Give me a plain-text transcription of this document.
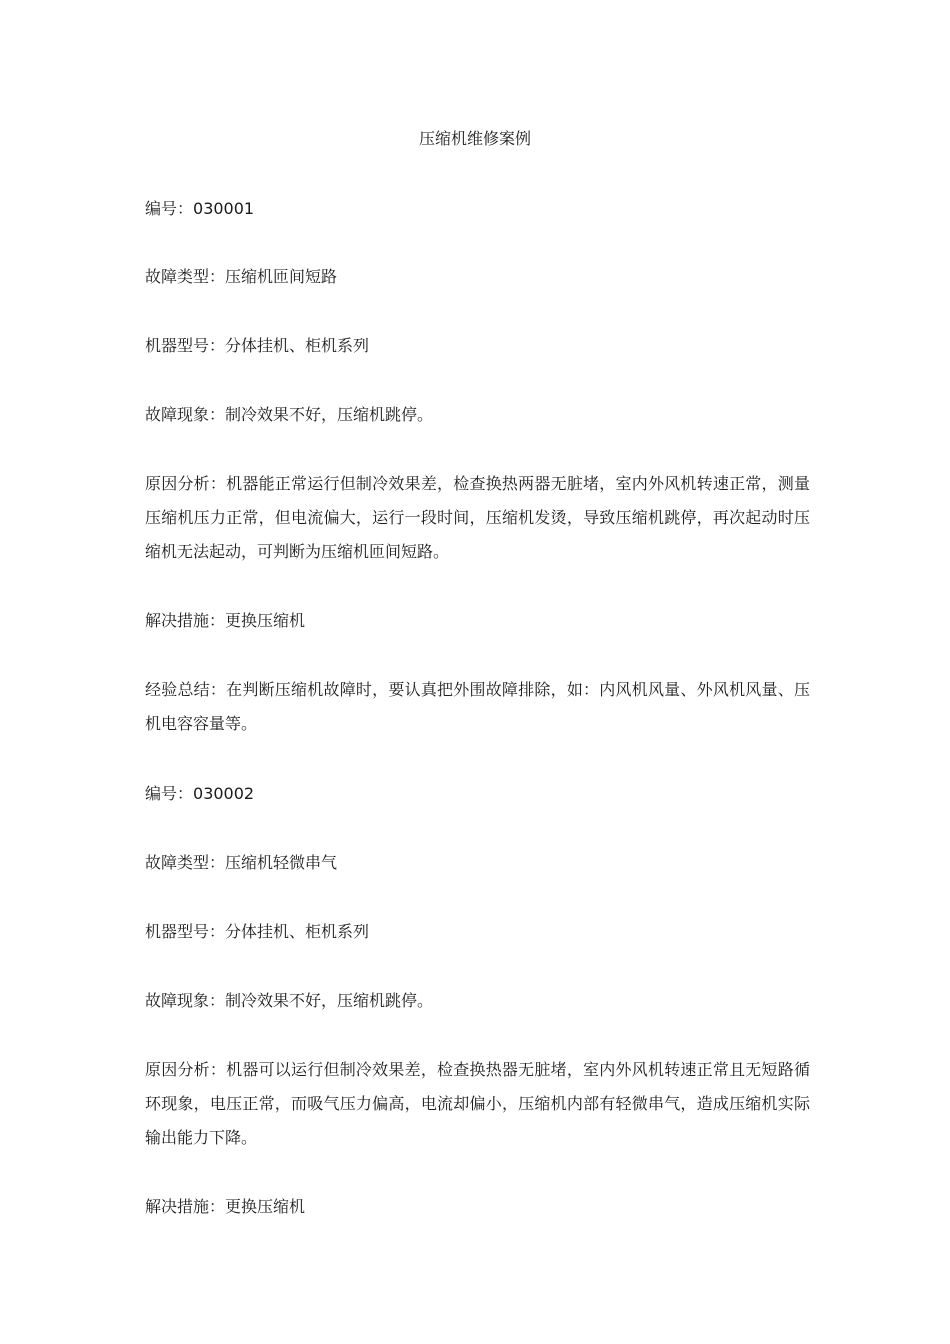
压缩机维修案例
编号：030001
故障类型：压缩机匝间短路
机器型号：分体挂机、柜机系列
故障现象：制冷效果不好，压缩机跳停。
原因分析：机器能正常运行但制冷效果差，检查换热两器无脏堵，室内外风机转速正常，测量压缩机压力正常，但电流偏大，运行一段时间，压缩机发烫，导致压缩机跳停，再次起动时压缩机无法起动，可判断为压缩机匝间短路。
解决措施：更换压缩机
经验总结：在判断压缩机故障时，要认真把外围故障排除，如：内风机风量、外风机风量、压机电容容量等。
编号：030002
故障类型：压缩机轻微串气
机器型号：分体挂机、柜机系列
故障现象：制冷效果不好，压缩机跳停。
原因分析：机器可以运行但制冷效果差，检查换热器无脏堵，室内外风机转速正常且无短路循环现象，电压正常，而吸气压力偏高，电流却偏小，压缩机内部有轻微串气，造成压缩机实际输出能力下降。
解决措施：更换压缩机
